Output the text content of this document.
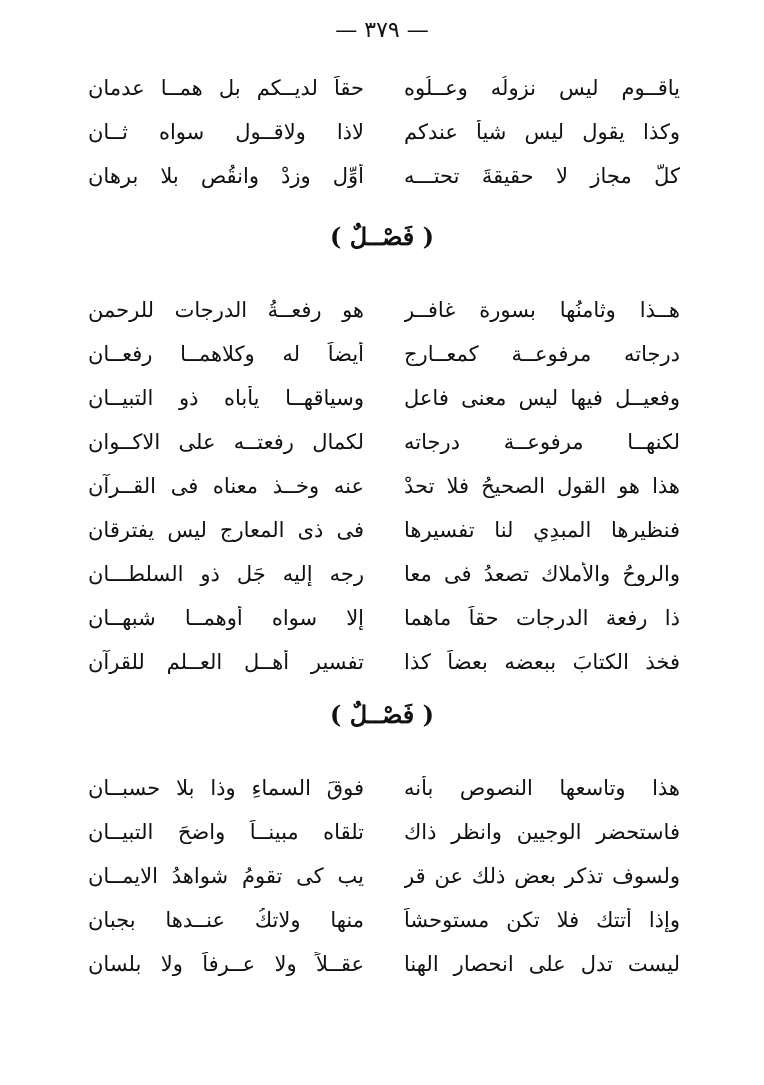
— ٣٧٩ —
ياقــوم ليس نزولُه وعــلُوه
حقاً لديــكم بل همــا عدمان
وكذا يقول ليس شيأً عندكم
لاذا ولاقــول سواه ثــان
كلٌّ مجاز لا حقيقةَ تحتـــه
أوِّل وزِدْ وانقُص بلا برهان
( فَصْــلٌ )
هــذا وثامنُها بسورة غافــر
هو رفعــةُ الدرجات للرحمن
درجاته مرفوعــة كمعــارج
أيضاً له وكلاهمــا رفعــان
وفعيــل فيها ليس معنى فاعلٍ
وسياقهــا يأْباه ذو التبيــان
لكنهــا مرفوعــة درجاته
لكمال رفعتــه على الاكــوان
هذا هو القول الصحيحُ فلا تحدْ
عنه وخــذ معناه فى القــرآن
فنظيرها المبدِي لنا تفسيرها
فى ذى المعارجِ ليس يفترقان
والروحُ والأملاك تصعدُ فى معا
رجه إليه جَل ذو السلطـــان
ذا رفعة الدرجات حقاً ماهما
إلا سواه أوهمــا شبهــان
فخذ الكتابَ ببعضه بعضاً كذا
تفسير أهــلِ العــلم للقرآن
( فَصْــلٌ )
هذا وتاسعها النصوص بأنه
فوقَ السماءِ وذا بلا حسبــان
فاستحضرِ الوجيينِ وانظر ذاك
تلقاه مبينــاً واضحَ التبيــان
ولسوف تذكر بعض ذلك عن قر
يب كى تقومُ شواهدُ الايمــان
وإذا أتتك فلا تكن مستوحشاً
منها ولاتكُ عنــدها بجبان
ليست تدل على انحصار الهنا
عقــلاً ولا عــرفاً ولا بلسان
